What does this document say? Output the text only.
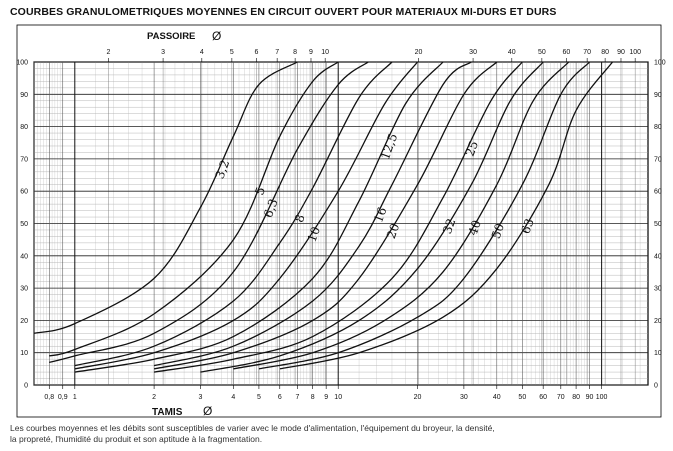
COURBES GRANULOMETRIQUES MOYENNES EN CIRCUIT OUVERT POUR MATERIAUX MI-DURS ET DURS
2	3	4	5	6 7 8 9 10	20	30	40	50 60 70 80 90 100
PASSOIRE Ø
0,8 0,9 1	2	3	4	5 6 7 8 9 10	20	30	40	50 60 70 80 90 100
TAMIS Ø
0	0
10	10
20	20
30	30
40	40
50	50
60	60
70	70
80	80
90	90
100	100
3,2
5
6,3 8
10
12,5
16
20
25
32 40 50 63
Les courbes moyennes et les débits sont susceptibles de varier avec le mode d'alimentation, l'équipement du broyeur, la densité,
la propreté, l'humidité du produit et son aptitude à la fragmentation.
